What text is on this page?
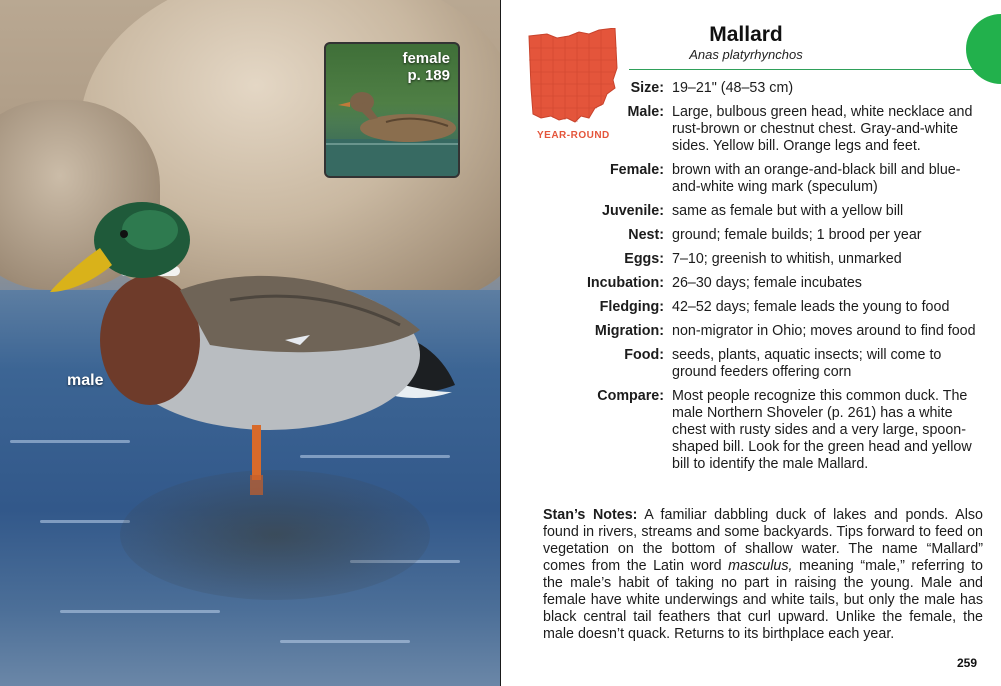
male
female
p. 189
YEAR-ROUND
Mallard
Anas platyrhynchos
Size: 19–21" (48–53 cm)
Male: Large, bulbous green head, white necklace and rust-brown or chestnut chest. Gray-and-white sides. Yellow bill. Orange legs and feet.
Female: brown with an orange-and-black bill and blue-and-white wing mark (speculum)
Juvenile: same as female but with a yellow bill
Nest: ground; female builds; 1 brood per year
Eggs: 7–10; greenish to whitish, unmarked
Incubation: 26–30 days; female incubates
Fledging: 42–52 days; female leads the young to food
Migration: non-migrator in Ohio; moves around to find food
Food: seeds, plants, aquatic insects; will come to ground feeders offering corn
Compare: Most people recognize this common duck. The male Northern Shoveler (p. 261) has a white chest with rusty sides and a very large, spoon-shaped bill. Look for the green head and yellow bill to identify the male Mallard.
Stan’s Notes: A familiar dabbling duck of lakes and ponds. Also found in rivers, streams and some backyards. Tips forward to feed on vegetation on the bottom of shallow water. The name “Mallard” comes from the Latin word masculus, meaning “male,” referring to the male’s habit of taking no part in raising the young. Male and female have white underwings and white tails, but only the male has black central tail feathers that curl upward. Unlike the female, the male doesn’t quack. Returns to its birthplace each year.
259
